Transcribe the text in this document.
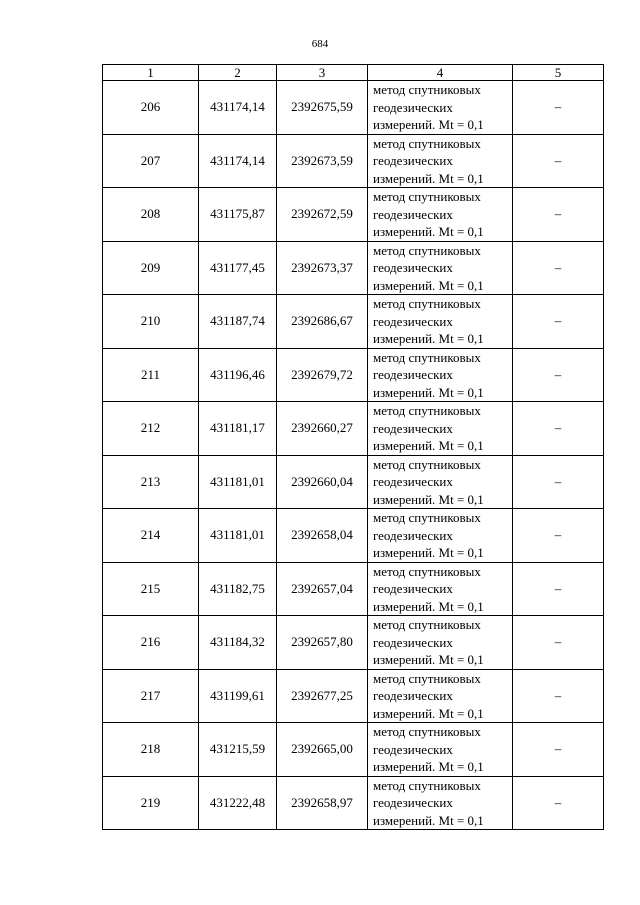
684
1	2	3	4	5
206	431174,14	2392675,59	метод спутниковых
геодезических
измерений. Mt = 0,1	–
207	431174,14	2392673,59	метод спутниковых
геодезических
измерений. Mt = 0,1	–
208	431175,87	2392672,59	метод спутниковых
геодезических
измерений. Mt = 0,1	–
209	431177,45	2392673,37	метод спутниковых
геодезических
измерений. Mt = 0,1	–
210	431187,74	2392686,67	метод спутниковых
геодезических
измерений. Mt = 0,1	–
211	431196,46	2392679,72	метод спутниковых
геодезических
измерений. Mt = 0,1	–
212	431181,17	2392660,27	метод спутниковых
геодезических
измерений. Mt = 0,1	–
213	431181,01	2392660,04	метод спутниковых
геодезических
измерений. Mt = 0,1	–
214	431181,01	2392658,04	метод спутниковых
геодезических
измерений. Mt = 0,1	–
215	431182,75	2392657,04	метод спутниковых
геодезических
измерений. Mt = 0,1	–
216	431184,32	2392657,80	метод спутниковых
геодезических
измерений. Mt = 0,1	–
217	431199,61	2392677,25	метод спутниковых
геодезических
измерений. Mt = 0,1	–
218	431215,59	2392665,00	метод спутниковых
геодезических
измерений. Mt = 0,1	–
219	431222,48	2392658,97	метод спутниковых
геодезических
измерений. Mt = 0,1	–
